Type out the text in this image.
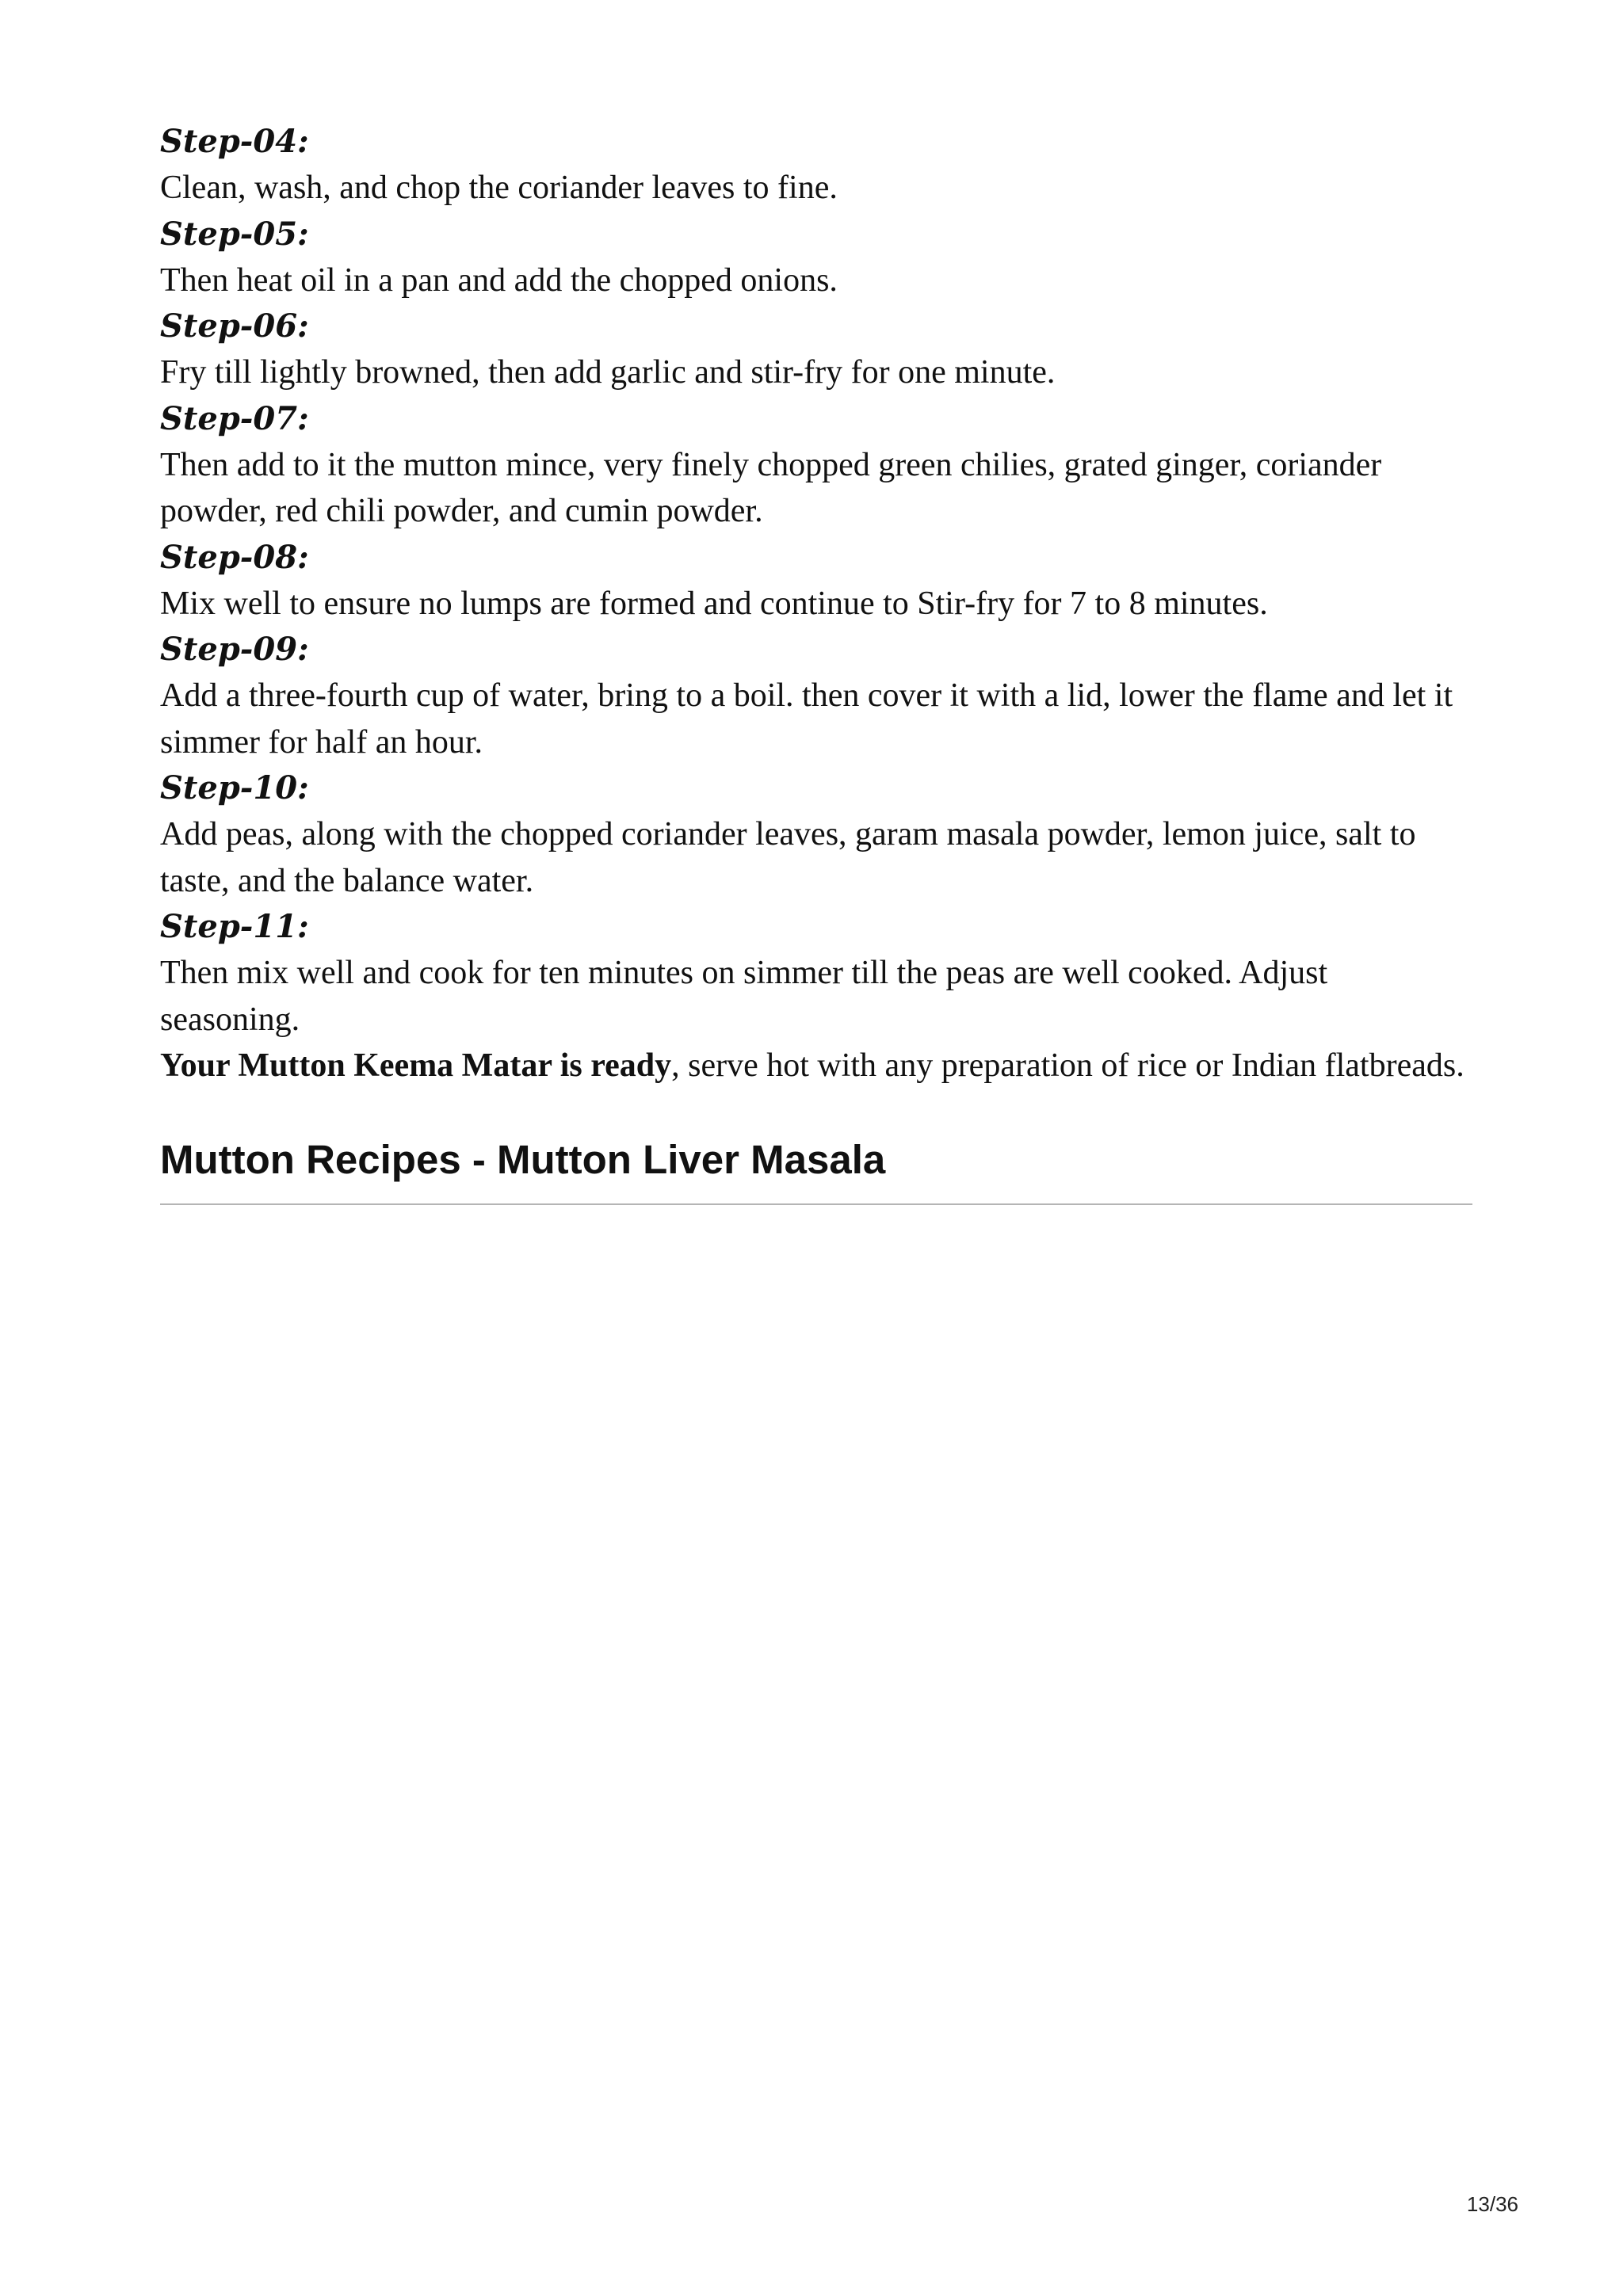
Step-04:

Clean, wash, and chop the coriander leaves to fine.

Step-05:

Then heat oil in a pan and add the chopped onions.

Step-06:

Fry till lightly browned, then add garlic and stir-fry for one minute.

Step-07:

Then add to it the mutton mince, very finely chopped green chilies, grated ginger, coriander powder, red chili powder, and cumin powder.

Step-08:

Mix well to ensure no lumps are formed and continue to Stir-fry for 7 to 8 minutes.

Step-09:

Add a three-fourth cup of water, bring to a boil. then cover it with a lid, lower the flame and let it simmer for half an hour.

Step-10:

Add peas, along with the chopped coriander leaves, garam masala powder, lemon juice, salt to taste, and the balance water.

Step-11:

Then mix well and cook for ten minutes on simmer till the peas are well cooked. Adjust seasoning.

Your Mutton Keema Matar is ready, serve hot with any preparation of rice or Indian flatbreads.

Mutton Recipes - Mutton Liver Masala
13/36
